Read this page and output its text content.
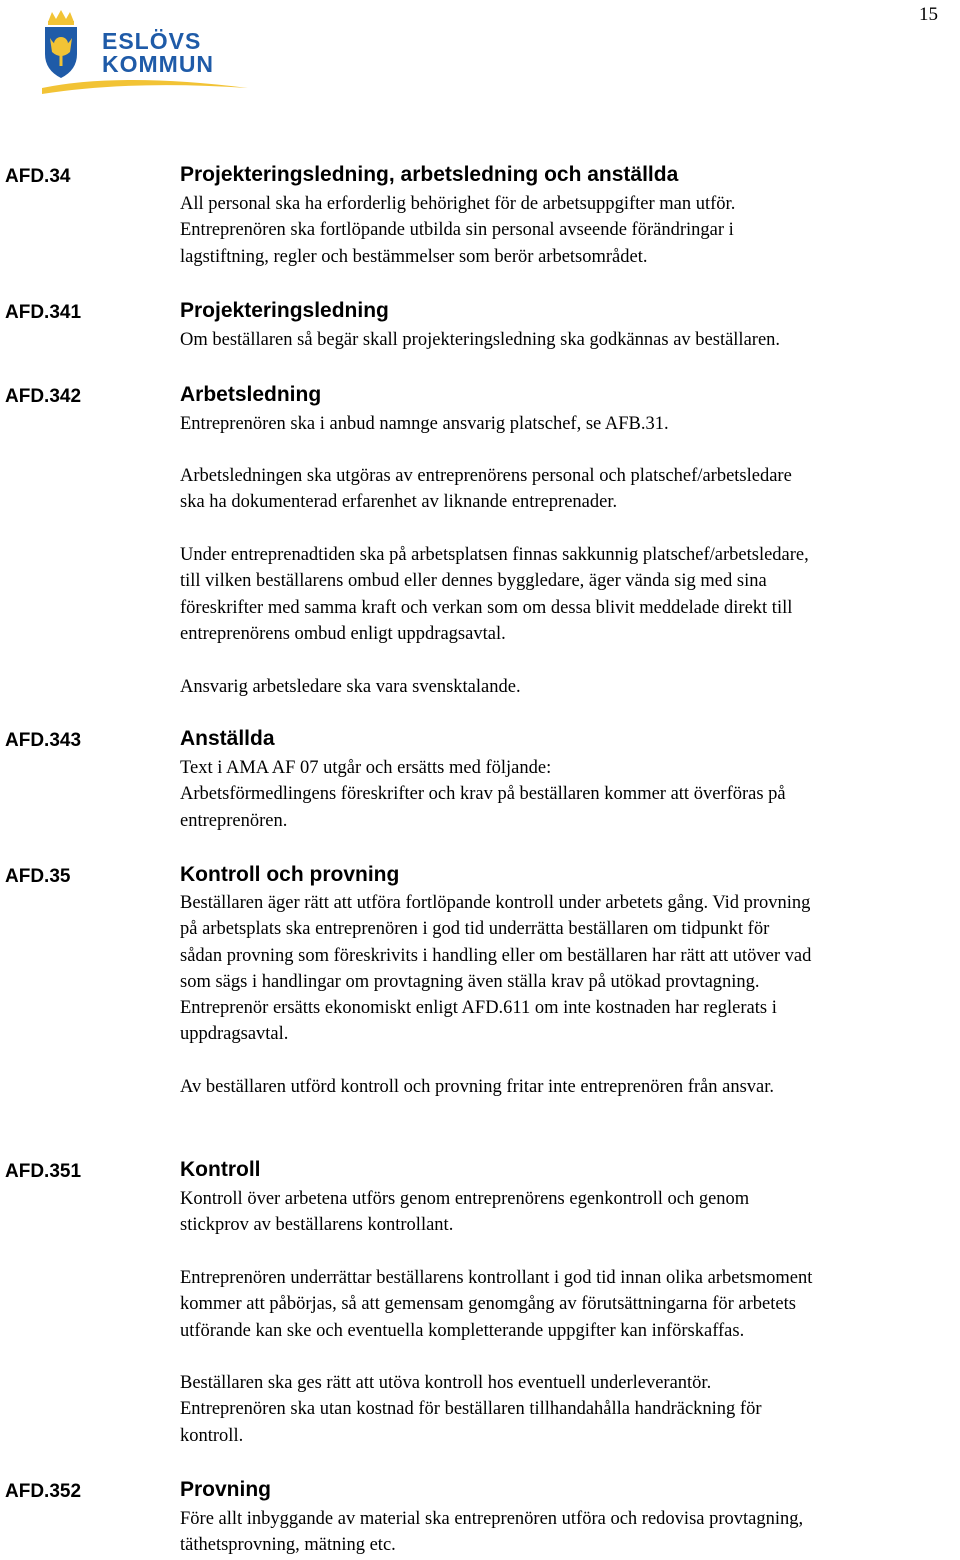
15
ESLÖVS
KOMMUN
AFD.34	Projekteringsledning, arbetsledning och anställda
All personal ska ha erforderlig behörighet för de arbetsuppgifter man utför.
Entreprenören ska fortlöpande utbilda sin personal avseende förändringar i
lagstiftning, regler och bestämmelser som berör arbetsområdet.
AFD.341	Projekteringsledning
Om beställaren så begär skall projekteringsledning ska godkännas av beställaren.
AFD.342	Arbetsledning
Entreprenören ska i anbud namnge ansvarig platschef, se AFB.31.
Arbetsledningen ska utgöras av entreprenörens personal och platschef/arbetsledare
ska ha dokumenterad erfarenhet av liknande entreprenader.
Under entreprenadtiden ska på arbetsplatsen finnas sakkunnig platschef/arbetsledare,
till vilken beställarens ombud eller dennes byggledare, äger vända sig med sina
föreskrifter med samma kraft och verkan som om dessa blivit meddelade direkt till
entreprenörens ombud enligt uppdragsavtal.
Ansvarig arbetsledare ska vara svensktalande.
AFD.343	Anställda
Text i AMA AF 07 utgår och ersätts med följande:
Arbetsförmedlingens föreskrifter och krav på beställaren kommer att överföras på
entreprenören.
AFD.35	Kontroll och provning
Beställaren äger rätt att utföra fortlöpande kontroll under arbetets gång. Vid provning
på arbetsplats ska entreprenören i god tid underrätta beställaren om tidpunkt för
sådan provning som föreskrivits i handling eller om beställaren har rätt att utöver vad
som sägs i handlingar om provtagning även ställa krav på utökad provtagning.
Entreprenör ersätts ekonomiskt enligt AFD.611 om inte kostnaden har reglerats i
uppdragsavtal.
Av beställaren utförd kontroll och provning fritar inte entreprenören från ansvar.
AFD.351	Kontroll
Kontroll över arbetena utförs genom entreprenörens egenkontroll och genom
stickprov av beställarens kontrollant.
Entreprenören underrättar beställarens kontrollant i god tid innan olika arbetsmoment
kommer att påbörjas, så att gemensam genomgång av förutsättningarna för arbetets
utförande kan ske och eventuella kompletterande uppgifter kan införskaffas.
Beställaren ska ges rätt att utöva kontroll hos eventuell underleverantör.
Entreprenören ska utan kostnad för beställaren tillhandahålla handräckning för
kontroll.
AFD.352	Provning
Före allt inbyggande av material ska entreprenören utföra och redovisa provtagning,
täthetsprovning, mätning etc.
